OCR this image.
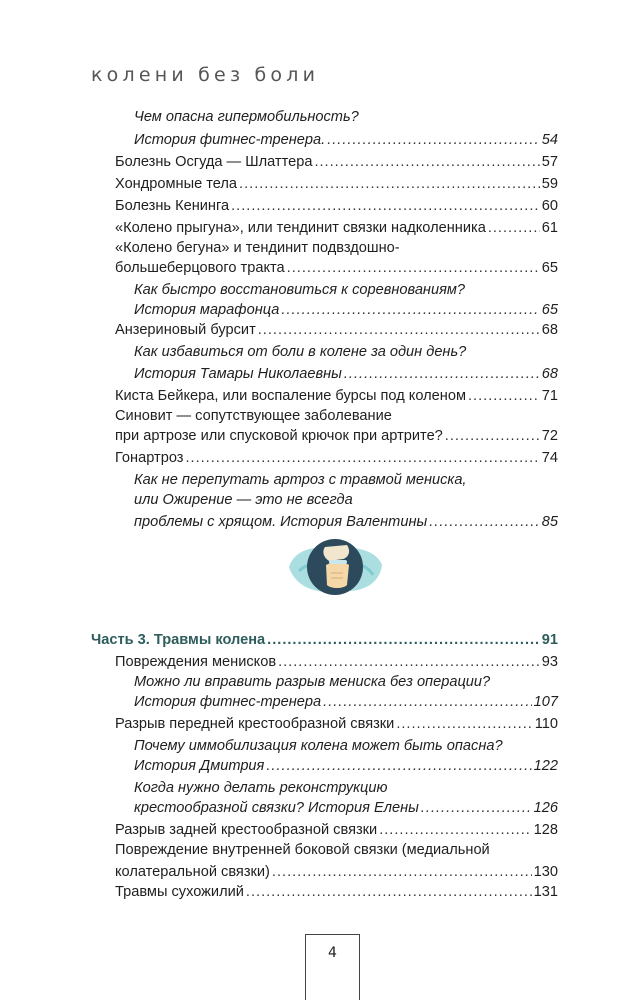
колени без боли
Чем опасна гипермобильность?
История фитнес-тренера. .....	54
Болезнь Осгуда — Шлаттера .....	57
Хондромные тела .....	59
Болезнь Кенинга .....	60
«Колено прыгуна», или тендинит связки надколенника .....	61
«Колено бегуна» и тендинит подвздошно-
большеберцового тракта .....	65
Как быстро восстановиться к соревнованиям?
История марафонца .....	65
Анзериновый бурсит .....	68
Как избавиться от боли в колене за один день?
История Тамары Николаевны .....	68
Киста Бейкера, или воспаление бурсы под коленом .....	71
Синовит — сопутствующее заболевание
при артрозе или спусковой крючок при артрите? .....	72
Гонартроз .....	74
Как не перепутать артроз с травмой мениска,
или Ожирение — это не всегда
проблемы с хрящом. История Валентины .....	85
Часть 3. Травмы колена .....	91
Повреждения менисков .....	93
Можно ли вправить разрыв мениска без операции?
История фитнес-тренера .....	107
Разрыв передней крестообразной связки .....	110
Почему иммобилизация колена может быть опасна?
История Дмитрия .....	122
Когда нужно делать реконструкцию
крестообразной связки? История Елены .....	126
Разрыв задней крестообразной связки .....	128
Повреждение внутренней боковой связки (медиальной
колатеральной связки) .....	130
Травмы сухожилий .....	131
4
